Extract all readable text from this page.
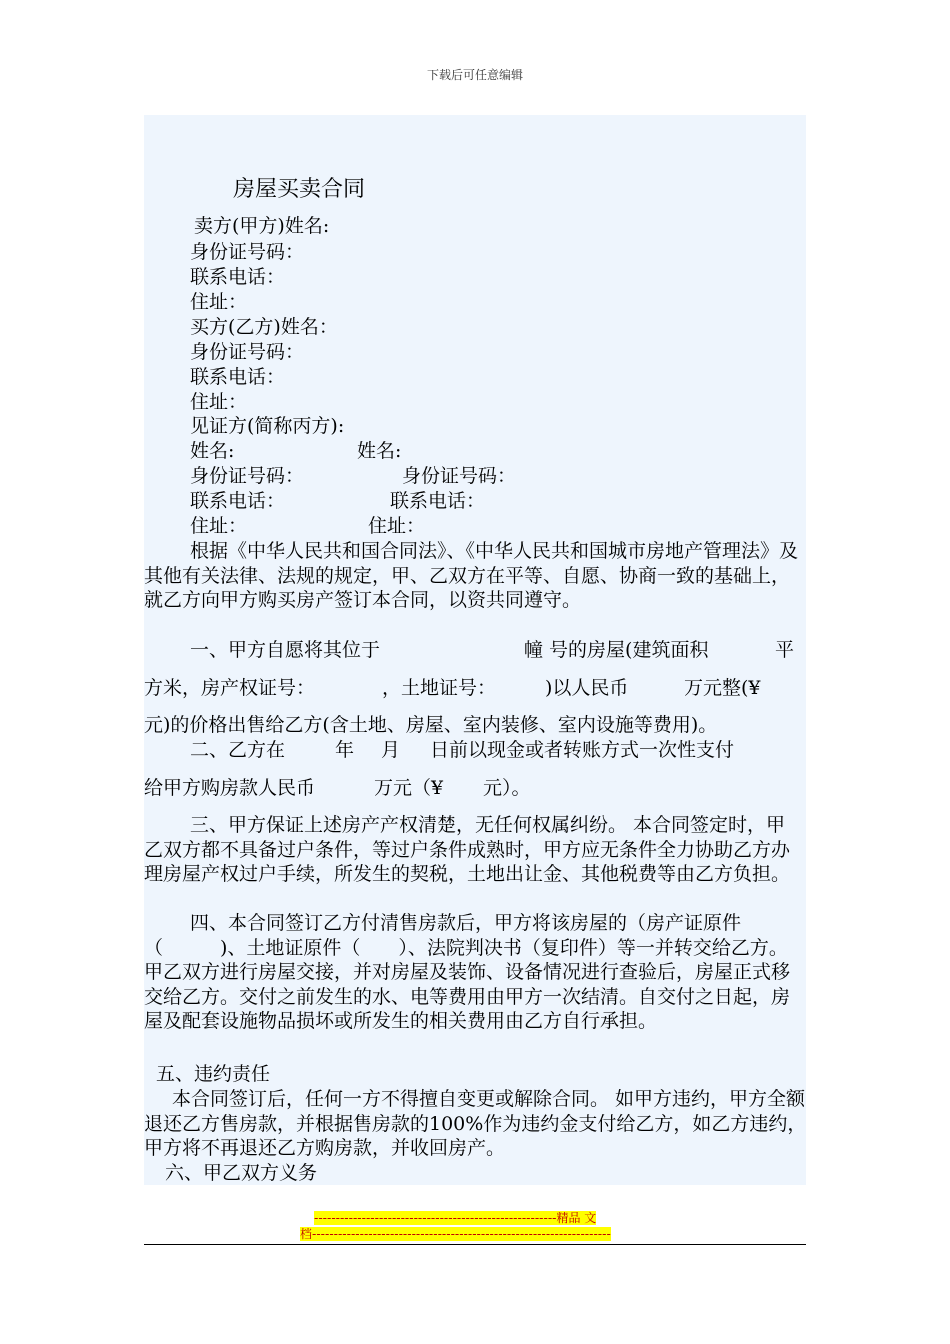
下载后可任意编辑
房屋买卖合同
卖方(甲方)姓名:
身份证号码：
联系电话：
住址：
买方(乙方)姓名：
身份证号码：
联系电话：
住址：
见证方(简称丙方):
姓名:	姓名:
身份证号码：	身份证号码：
联系电话：	联系电话：
住址：	住址：
根据《中华人民共和国合同法》、《中华人民共和国城市房地产管理法》及其他有关法律、法规的规定，甲、乙双方在平等、自愿、协商一致的基础上，就乙方向甲方购买房产签订本合同，以资共同遵守。
一、甲方自愿将其位于	幢 号的房屋(建筑面积	平
方米，房产权证号：	，土地证号：	)以人民币	万元整(¥
元)的价格出售给乙方(含土地、房屋、室内装修、室内设施等费用)。
二、乙方在	年 月 日前以现金或者转账方式一次性支付
给甲方购房款人民币	万元（¥ 元）。
三、甲方保证上述房产产权清楚，无任何权属纠纷。 本合同签定时，甲乙双方都不具备过户条件，等过户条件成熟时，甲方应无条件全力协助乙方办理房屋产权过户手续，所发生的契税，土地出让金、其他税费等由乙方负担。
四、本合同签订乙方付清售房款后，甲方将该房屋的（房产证原件（　　　)、土地证原件（　　）、法院判决书（复印件）等一并转交给乙方。甲乙双方进行房屋交接，并对房屋及装饰、设备情况进行查验后，房屋正式移交给乙方。交付之前发生的水、电等费用由甲方一次结清。自交付之日起，房屋及配套设施物品损坏或所发生的相关费用由乙方自行承担。
五、违约责任
本合同签订后，任何一方不得擅自变更或解除合同。 如甲方违约，甲方全额退还乙方售房款，并根据售房款的100%作为违约金支付给乙方，如乙方违约，甲方将不再退还乙方购房款，并收回房产。
六、甲乙双方义务
--------------------------------------------------------精品 文
档---------------------------------------------------------------------
